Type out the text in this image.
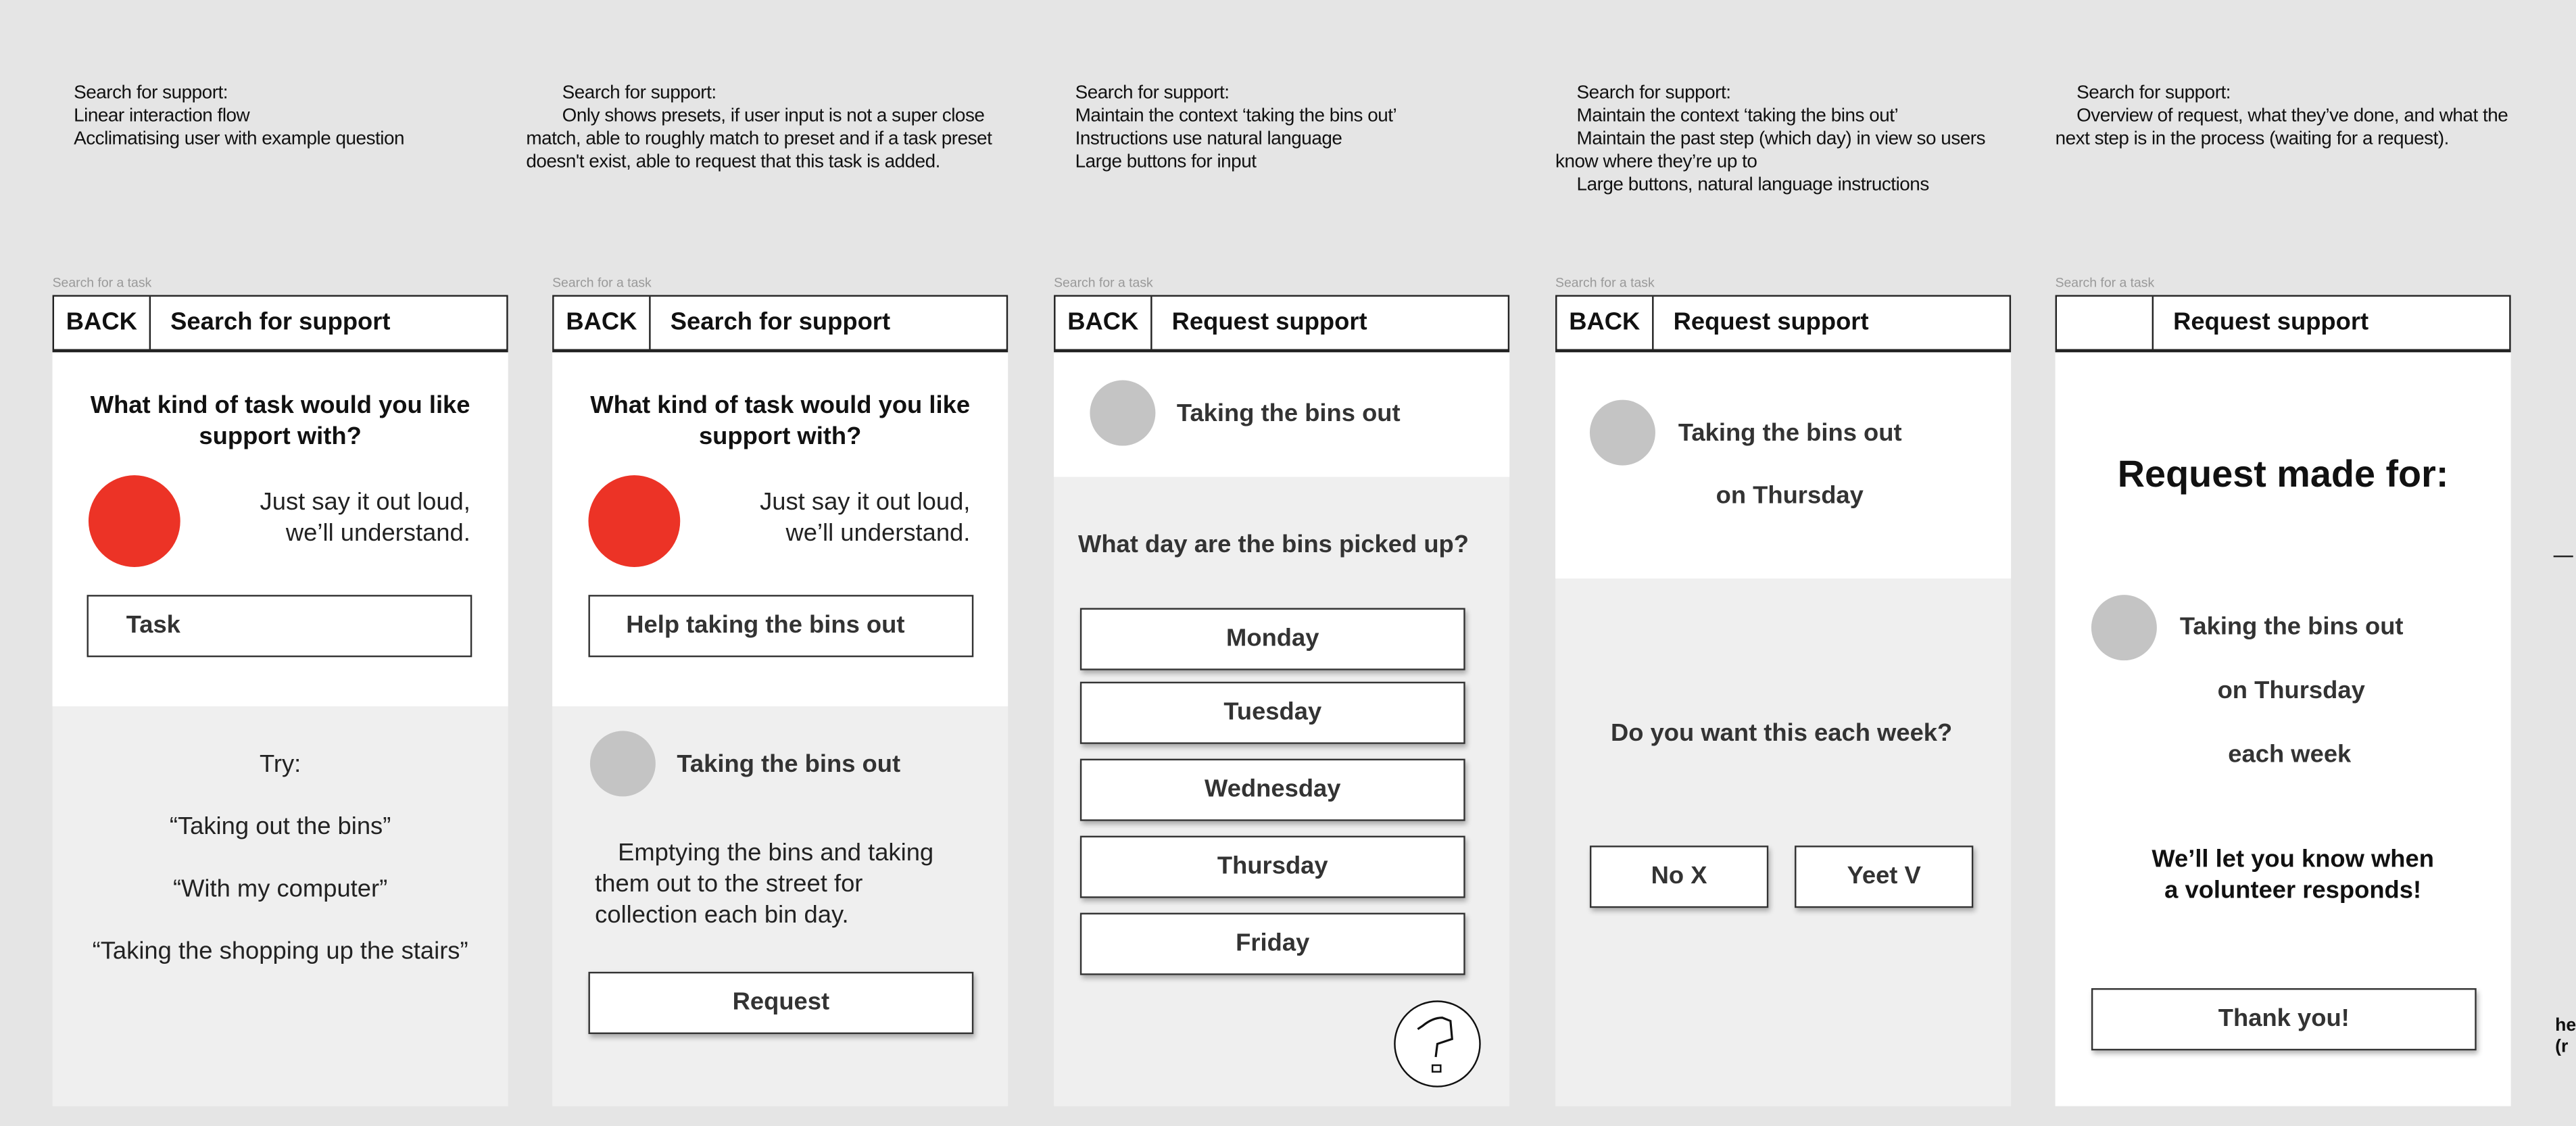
Search for support:
Linear interaction flow
Acclimatising user with example question
Search for support:
Only shows presets, if user input is not a super close match, able to roughly match to preset and if a task preset doesn't exist, able to request that this task is added.
Search for support:
Maintain the context ‘taking the bins out’
Instructions use natural language
Large buttons for input
Search for support:
Maintain the context ‘taking the bins out’
Maintain the past step (which day) in view so users know where they’re up to
Large buttons, natural language instructions
Search for support:
Overview of request, what they’ve done, and what the next step is in the process (waiting for a request).
Search for a task	Search for a task	Search for a task	Search for a task	Search for a task
What kind of task would you like support with?
Just say it out loud,
we’ll understand.
Task
Try:
“Taking out the bins”
“With my computer”
“Taking the shopping up the stairs”
BACK	Search for support
What kind of task would you like support with?
Just say it out loud,
we’ll understand.
Help taking the bins out
Taking the bins out
Emptying the bins and taking them out to the street for collection each bin day.
Request
BACK	Search for support
Taking the bins out
What day are the bins picked up?
Monday
Tuesday
Wednesday
Thursday
Friday
BACK	Request support
Taking the bins out
on Thursday
Do you want this each week?
No X	Yeet V
BACK	Request support
Request made for:
Taking the bins out
on Thursday
each week
We’ll let you know when
a volunteer responds!
Thank you!
Request support
he
(r
